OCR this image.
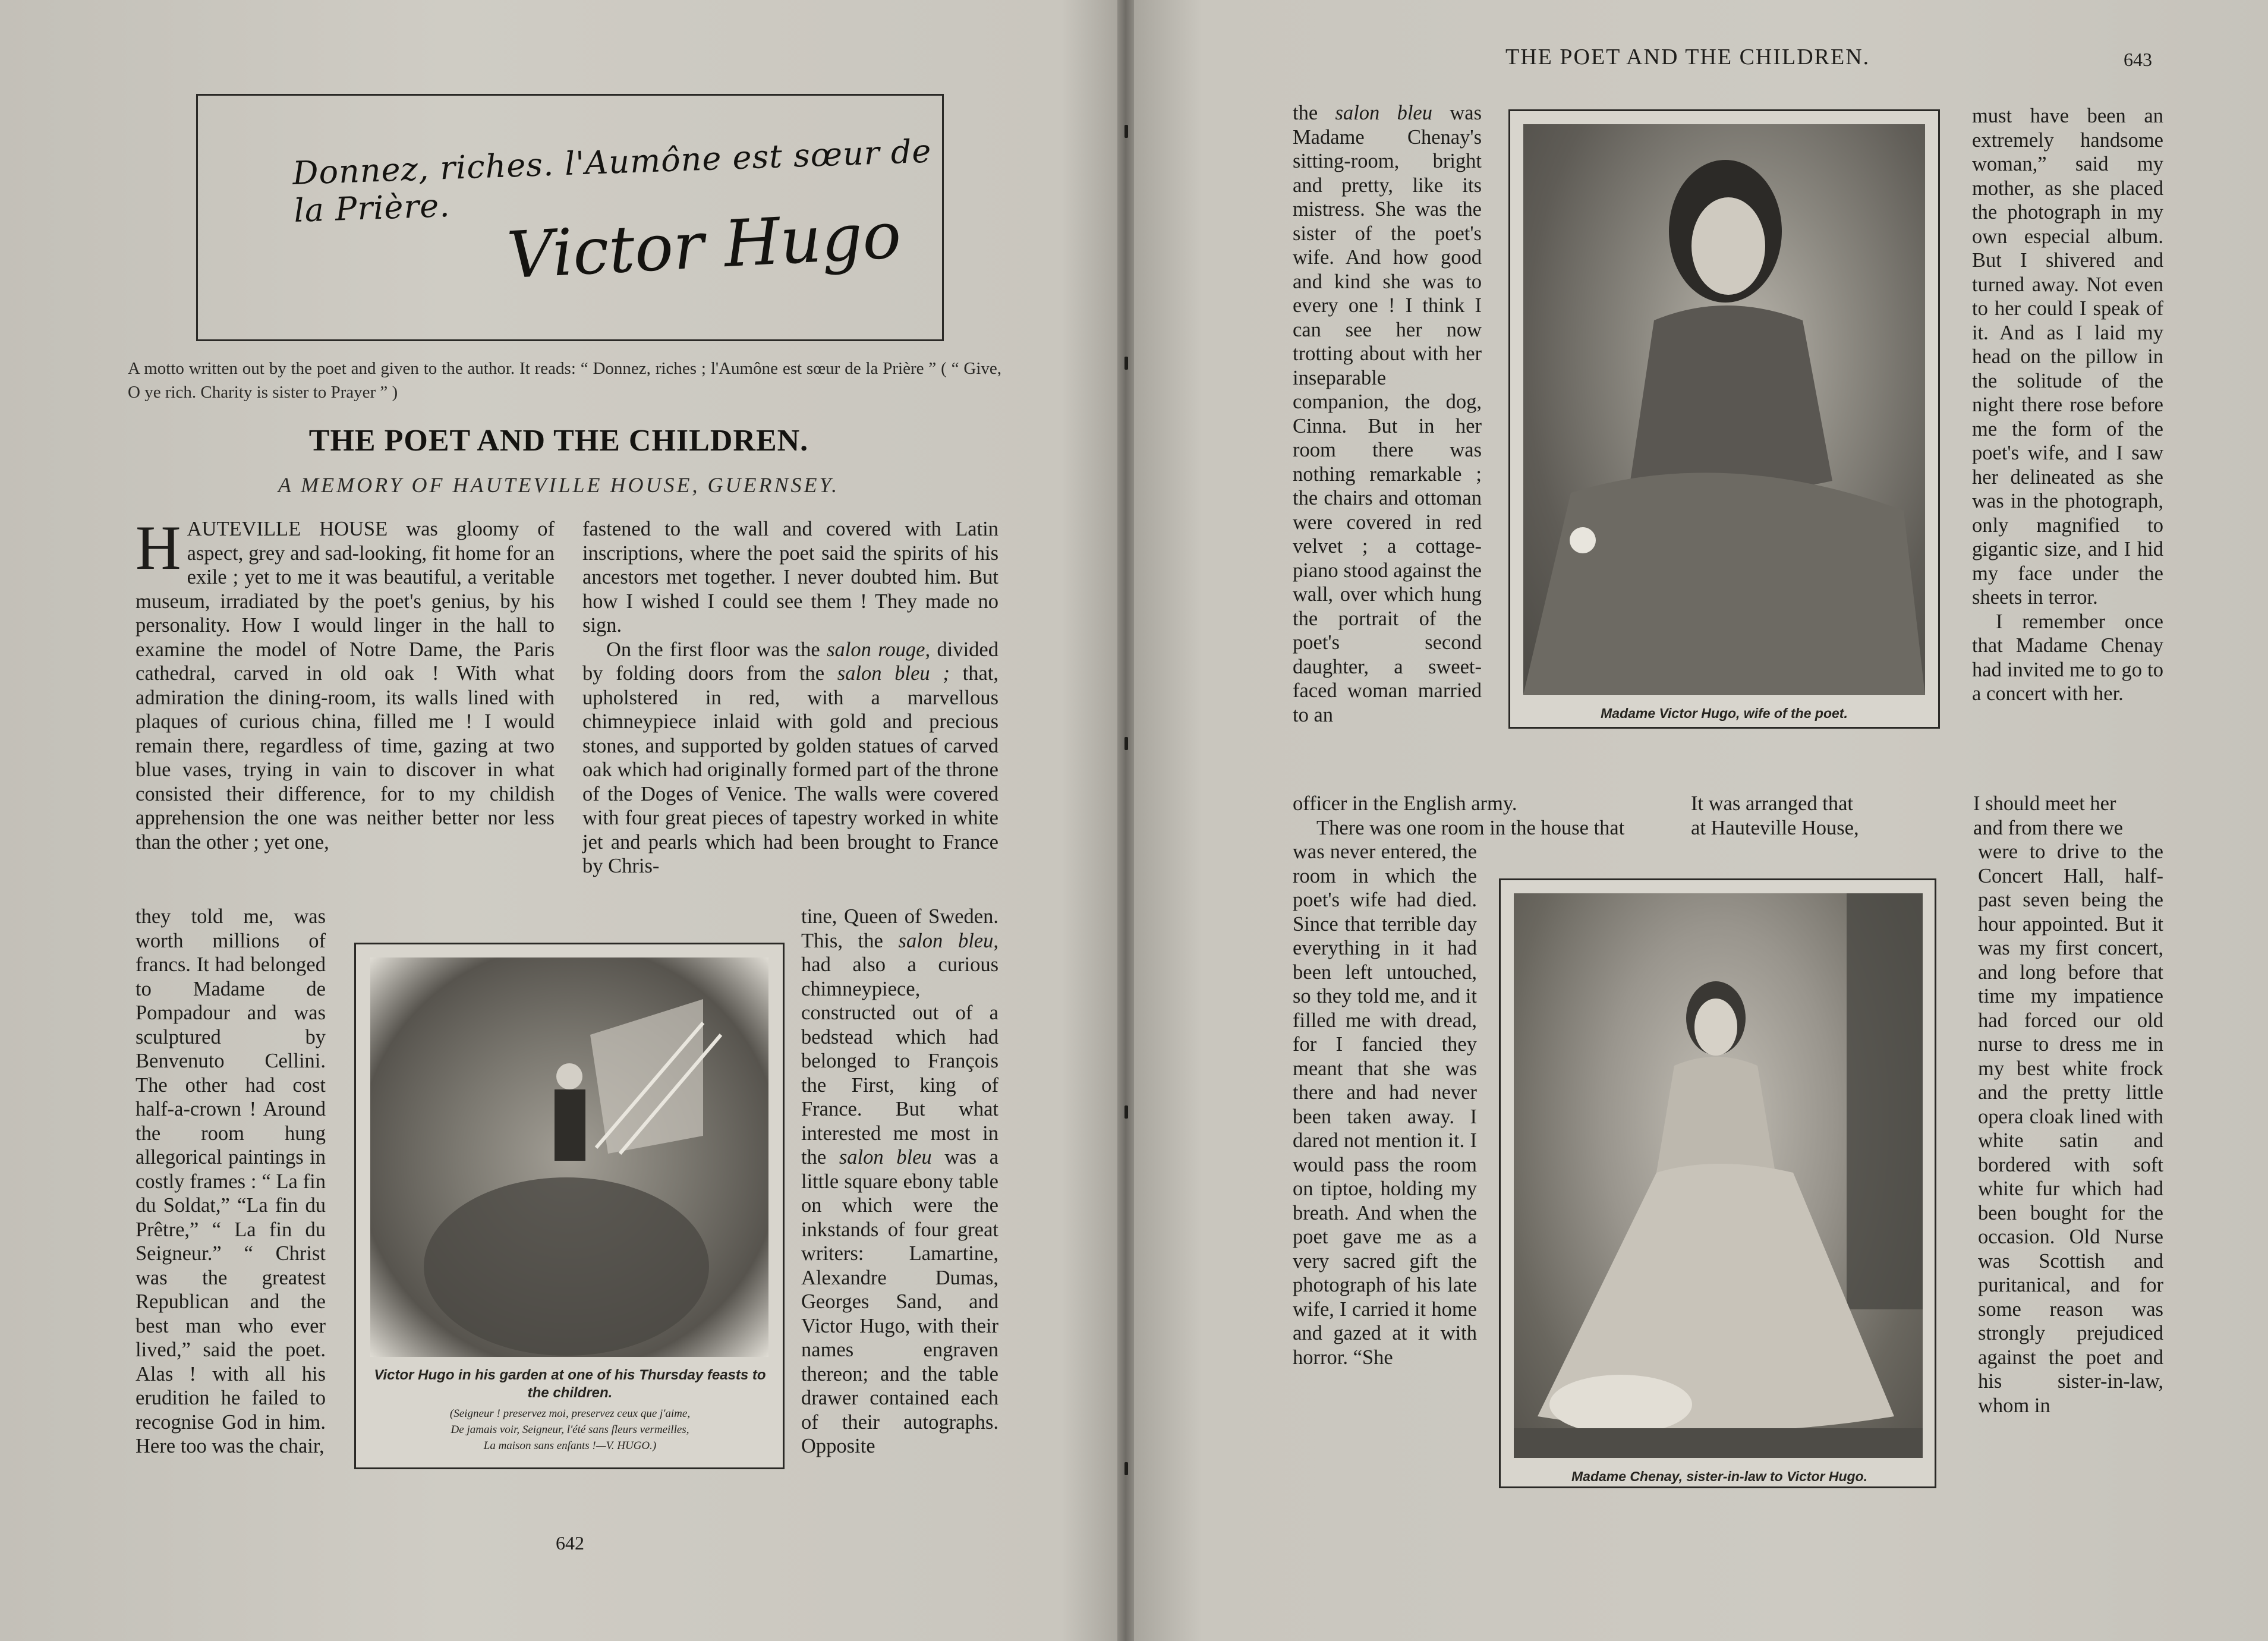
Donnez, riches. l'Aumône est sœur de la Prière. Victor Hugo
A motto written out by the poet and given to the author. It reads: “ Donnez, riches ; l'Aumône est sœur de la Prière ” ( “ Give, O ye rich. Charity is sister to Prayer ” )
THE POET AND THE CHILDREN.
A MEMORY OF HAUTEVILLE HOUSE, GUERNSEY.
H AUTEVILLE HOUSE was gloomy of aspect, grey and sad-looking, fit home for an exile ; yet to me it was beautiful, a veritable museum, irradiated by the poet's genius, by his personality. How I would linger in the hall to examine the model of Notre Dame, the Paris cathedral, carved in old oak ! With what admiration the dining-room, its walls lined with plaques of curious china, filled me ! I would remain there, regardless of time, gazing at two blue vases, trying in vain to discover in what consisted their difference, for to my childish apprehension the one was neither better nor less than the other ; yet one,

they told me, was worth millions of francs. It had belonged to Madame de Pompadour and was sculptured by Benvenuto Cellini. The other had cost half-a-crown ! Around the room hung allegorical paintings in costly frames : “ La fin du Soldat,” “La fin du Prêtre,” “ La fin du Seigneur.” “ Christ was the greatest Republican and the best man who ever lived,” said the poet. Alas ! with all his erudition he failed to recognise God in him. Here too was the chair,

fastened to the wall and covered with Latin inscriptions, where the poet said the spirits of his ancestors met together. I never doubted him. But how I wished I could see them ! They made no sign.

On the first floor was the salon rouge, divided by folding doors from the salon bleu ; that, upholstered in red, with a marvellous chimneypiece inlaid with gold and precious stones, and supported by golden statues of carved oak which had originally formed part of the throne of the Doges of Venice. The walls were covered with four great pieces of tapestry worked in white jet and pearls which had been brought to France by Chris-

tine, Queen of Sweden. This, the salon bleu, had also a curious chimneypiece, constructed out of a bedstead which had belonged to François the First, king of France. But what interested me most in the salon bleu was a little square ebony table on which were the inkstands of four great writers: Lamartine, Alexandre Dumas, Georges Sand, and Victor Hugo, with their names engraven thereon; and the table drawer contained each of their autographs. Opposite

Victor Hugo in his garden at one of his Thursday feasts to the children.
(Seigneur ! preservez moi, preservez ceux que j'aime,
De jamais voir, Seigneur, l'été sans fleurs vermeilles,
La maison sans enfants !—V. HUGO.)
642
THE POET AND THE CHILDREN.	643

the salon bleu was Madame Chenay's sitting-room, bright and pretty, like its mistress. She was the sister of the poet's wife. And how good and kind she was to every one ! I think I can see her now trotting about with her inseparable companion, the dog, Cinna. But in her room there was nothing remarkable ; the chairs and ottoman were covered in red velvet ; a cottage-piano stood against the wall, over which hung the portrait of the poet's second daughter, a sweet-faced woman married to an	Madame Victor Hugo, wife of the poet.

must have been an extremely handsome woman,” said my mother, as she placed the photograph in my own especial album. But I shivered and turned away. Not even to her could I speak of it. And as I laid my head on the pillow in the solitude of the night there rose before me the form of the poet's wife, and I saw her delineated as she was in the photograph, only magnified to gigantic size, and I hid my face under the sheets in terror.

I remember once that Madame Chenay had invited me to go to a concert with her.

officer in the English army.	It was arranged that	I should meet her
There was one room in the house that	at Hauteville House,	and from there we

was never entered, the room in which the poet's wife had died. Since that terrible day everything in it had been left untouched, so they told me, and it filled me with dread, for I fancied they meant that she was there and had never been taken away. I dared not mention it. I would pass the room on tiptoe, holding my breath. And when the poet gave me as a very sacred gift the photograph of his late wife, I carried it home and gazed at it with horror. “She

Madame Chenay, sister-in-law to Victor Hugo.

were to drive to the Concert Hall, half-past seven being the hour appointed. But it was my first concert, and long before that time my impatience had forced our old nurse to dress me in my best white frock and the pretty little opera cloak lined with white satin and bordered with soft white fur which had been bought for the occasion. Old Nurse was Scottish and puritanical, and for some reason was strongly prejudiced against the poet and his sister-in-law, whom in
